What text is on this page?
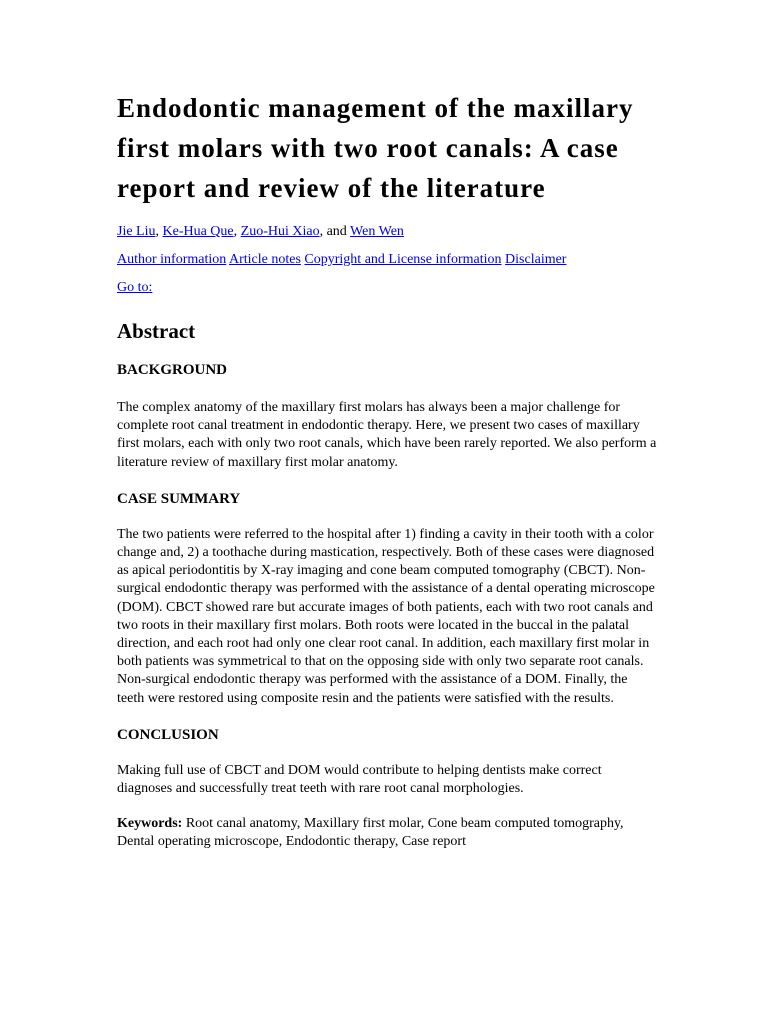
Endodontic management of the maxillary first molars with two root canals: A case report and review of the literature
Jie Liu, Ke-Hua Que, Zuo-Hui Xiao, and Wen Wen
Author information Article notes Copyright and License information Disclaimer
Go to:
Abstract
BACKGROUND

The complex anatomy of the maxillary first molars has always been a major challenge for complete root canal treatment in endodontic therapy. Here, we present two cases of maxillary first molars, each with only two root canals, which have been rarely reported. We also perform a literature review of maxillary first molar anatomy.

CASE SUMMARY

The two patients were referred to the hospital after 1) finding a cavity in their tooth with a color change and, 2) a toothache during mastication, respectively. Both of these cases were diagnosed as apical periodontitis by X-ray imaging and cone beam computed tomography (CBCT). Non-surgical endodontic therapy was performed with the assistance of a dental operating microscope (DOM). CBCT showed rare but accurate images of both patients, each with two root canals and two roots in their maxillary first molars. Both roots were located in the buccal in the palatal direction, and each root had only one clear root canal. In addition, each maxillary first molar in both patients was symmetrical to that on the opposing side with only two separate root canals. Non-surgical endodontic therapy was performed with the assistance of a DOM. Finally, the teeth were restored using composite resin and the patients were satisfied with the results.

CONCLUSION

Making full use of CBCT and DOM would contribute to helping dentists make correct diagnoses and successfully treat teeth with rare root canal morphologies.

Keywords: Root canal anatomy, Maxillary first molar, Cone beam computed tomography, Dental operating microscope, Endodontic therapy, Case report
